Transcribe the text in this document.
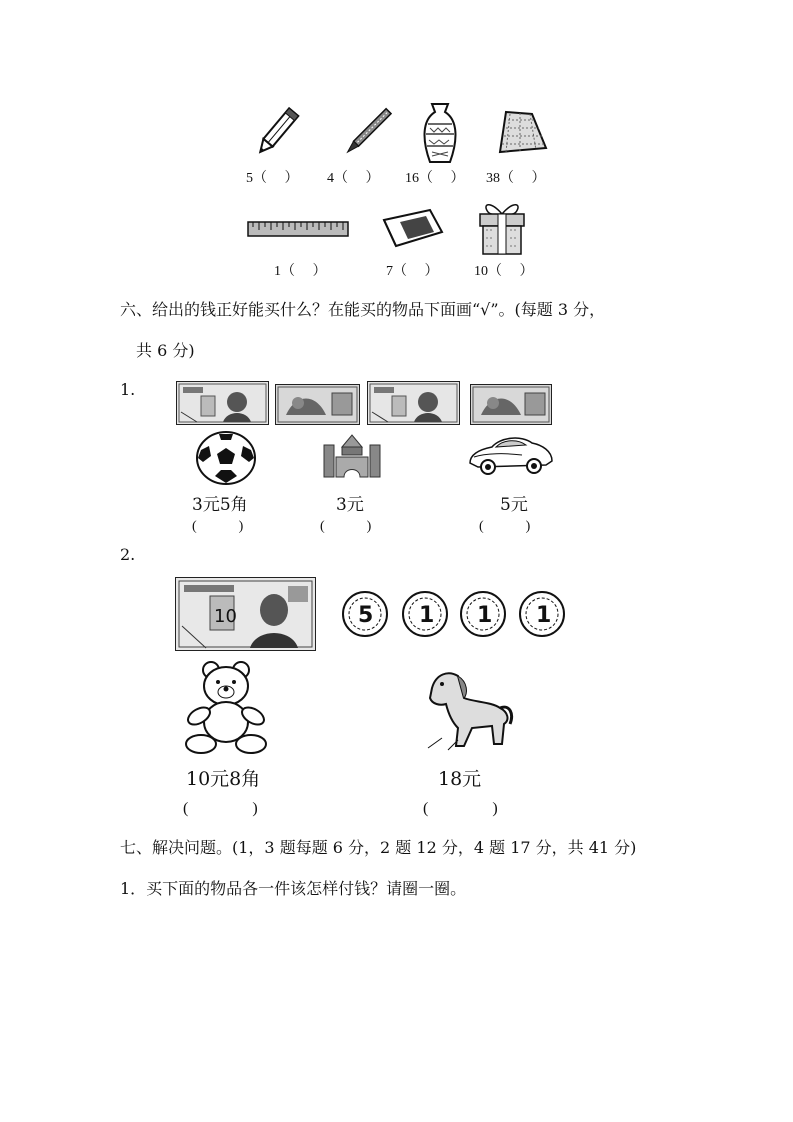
5（　 ） 4（　 ） 16（　 ） 38（　 ）
1（　 ）	7（　 ）	10（　 ）
六、给出的钱正好能买什么？在能买的物品下面画“√”。(每题 3 分，
共 6 分)
1.
3元5角	3元	5元
(　　　)	(　　　)	(　　　)
2.
10	5 1 1 1
10元8角	18元
(　　　　)	(　　　　)
七、解决问题。(1，3 题每题 6 分，2 题 12 分，4 题 17 分，共 41 分)
1．买下面的物品各一件该怎样付钱？请圈一圈。
